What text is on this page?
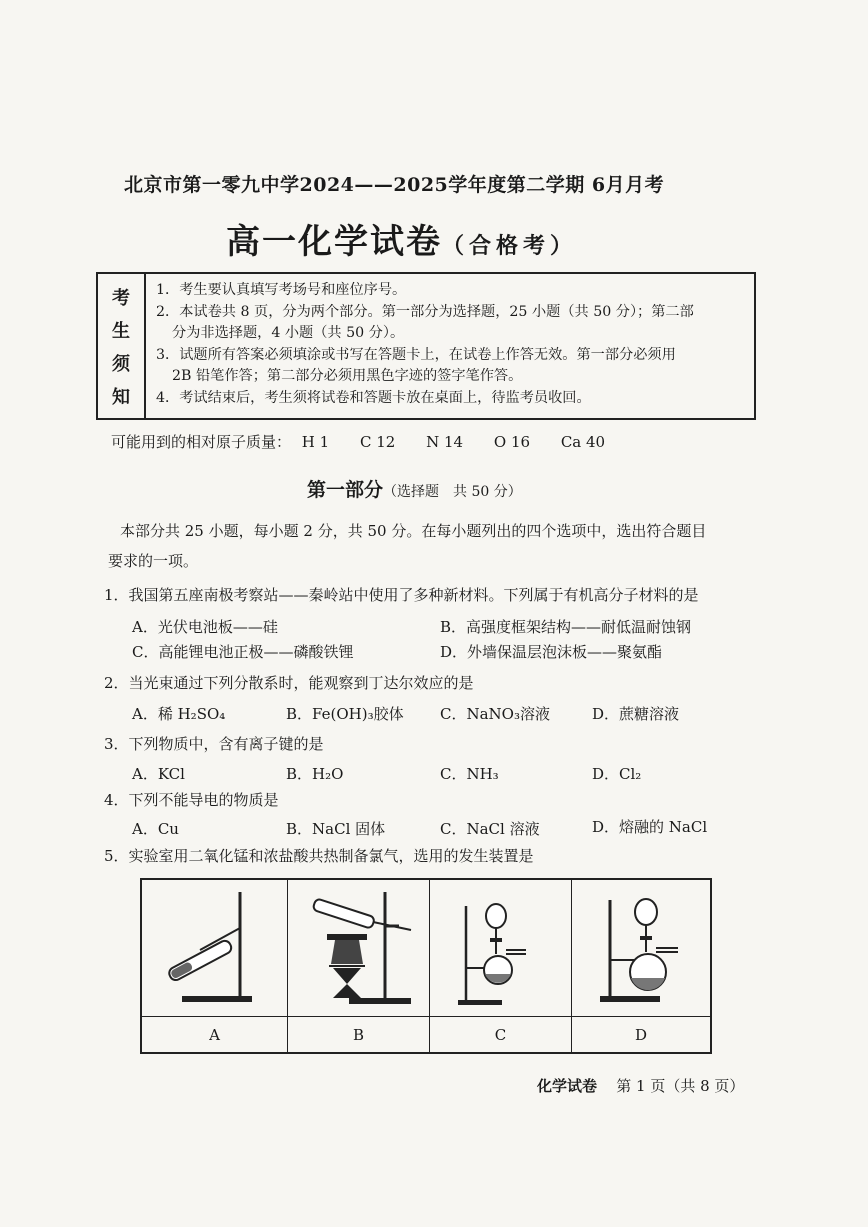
北京市第一零九中学2024——2025学年度第二学期 6月月考
高一化学试卷（合格考）
考
生
须
知
1．考生要认真填写考场号和座位序号。
2．本试卷共 8 页，分为两个部分。第一部分为选择题，25 小题（共 50 分）；第二部
分为非选择题，4 小题（共 50 分）。
3．试题所有答案必须填涂或书写在答题卡上，在试卷上作答无效。第一部分必须用
2B 铅笔作答；第二部分必须用黑色字迹的签字笔作答。
4．考试结束后，考生须将试卷和答题卡放在桌面上，待监考员收回。
可能用到的相对原子质量： H 1 C 12 N 14 O 16 Ca 40
第一部分（选择题　共 50 分）
本部分共 25 小题，每小题 2 分，共 50 分。在每小题列出的四个选项中，选出符合题目
要求的一项。
1．我国第五座南极考察站——秦岭站中使用了多种新材料。下列属于有机高分子材料的是
A．光伏电池板——硅	B．高强度框架结构——耐低温耐蚀钢
C．高能锂电池正极——磷酸铁锂	D．外墙保温层泡沫板——聚氨酯
2．当光束通过下列分散系时，能观察到丁达尔效应的是
A．稀 H₂SO₄	B．Fe(OH)₃胶体 C．NaNO₃溶液	D．蔗糖溶液
3．下列物质中，含有离子键的是
A．KCl	B．H₂O	C．NH₃	D．Cl₂
4．下列不能导电的物质是
A．Cu	B．NaCl 固体	C．NaCl 溶液	D．熔融的 NaCl
5．实验室用二氧化锰和浓盐酸共热制备氯气，选用的发生装置是
A	B	C	D
化学试卷 第 1 页（共 8 页）
